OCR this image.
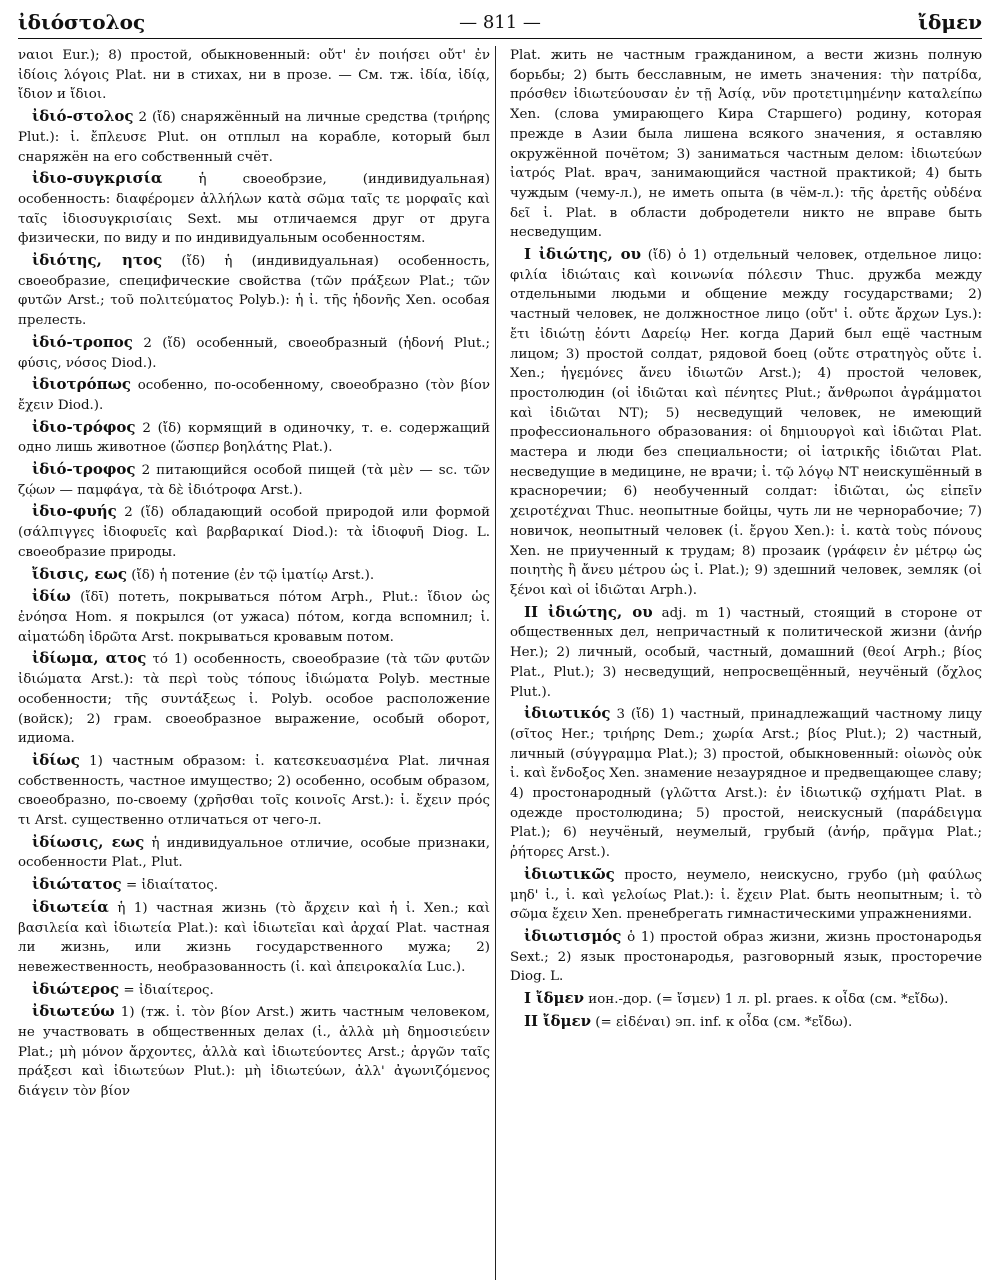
ἰδιόστολος	— 811 —	ἴδμεν

ναιοι Eur.); 8) простой, обыкновенный: οὔτ' ἐν ποιήσει οὔτ' ἐν ἰδίοις λόγοις Plat. ни в стихах, ни в прозе. — См. тж. ἰδία, ἰδίᾳ, ἴδιον и ἴδιοι.

ἰδιό-στολος 2 (ἴδ) снаряжённый на личные средства (τριήρης Plut.): ἰ. ἔπλευσε Plut. он отплыл на корабле, который был снаряжён на его собственный счёт.

ἰδιο-συγκρισία	ἡ своеобрзие, (индивидуальная) особенность: διαφέρομεν ἀλλήλων κατὰ σῶμα ταῖς τε μορφαῖς καὶ ταῖς ἰδιοσυγκρισίαις Sext. мы отличаемся друг от друга физически, по виду и по индивидуальным особенностям.

ἰδιότης, ητος (ἴδ) ἡ (индивидуальная) особенность, своеобразие, специфические свойства (τῶν πράξεων Plat.; τῶν φυτῶν Arst.; τοῦ πολιτεύματος Polyb.): ἡ ἰ. τῆς ἡδονῆς Xen. особая прелесть.

ἰδιό-τροπος 2 (ἴδ) особенный, своеобразный (ἡδονή Plut.; φύσις, νόσος Diod.).

ἰδιοτρόπως особенно, по-особенному, своеобразно (τὸν βίον ἔχειν Diod.).

ἰδιο-τρόφος 2 (ἴδ) кормящий в одиночку, т. е. содержащий одно лишь животное (ὥσπερ βοηλάτης Plat.).

ἰδιό-τροφος 2 питающийся особой пищей (τὰ μὲν — sc. τῶν ζῴων — παμφάγα, τὰ δὲ ἰδιότροφα Arst.).

ἰδιο-φυής 2 (ἴδ) обладающий особой природой или формой (σάλπιγγες ἰδιοφυεῖς καὶ βαρβαρικαί Diod.): τὰ ἰδιοφυῆ Diog. L. своеобразие природы.

ἴδισις, εως (ἴδ) ἡ потение (ἐν τῷ ἱματίῳ Arst.).

ἰδίω (ἴδῑ) потеть, покрываться пóтом Arph., Plut.: ἴδιον ὡς ἐνόησα Hom. я покрылся (от ужаса) пóтом, когда вспомнил; ἰ. αἱματώδη ἱδρῶτα Arst. покрываться кровавым потом.

ἰδίωμα, ατος τό 1) особенность, своеобразие (τὰ τῶν φυτῶν ἰδιώματα Arst.): τὰ περὶ τοὺς τόπους ἰδιώματα Polyb. местные особенности; τῆς συντάξεως ἰ. Polyb. особое расположение (войск); 2) грам. своеобразное выражение, особый оборот, идиома.

ἰδίως 1) частным образом: ἰ. κατεσκευασμένα Plat. личная собственность, частное имущество; 2) особенно, особым образом, своеобразно, по-своему (χρῆσθαι τοῖς κοινοῖς Arst.): ἰ. ἔχειν πρός τι Arst. существенно отличаться от чего-л.

ἰδίωσις, εως ἡ индивидуальное отличие, особые признаки, особенности Plat., Plut.

ἰδιώτατος = ἰδιαίτατος.

ἰδιωτεία ἡ 1) частная жизнь (τὸ ἄρχειν καὶ ἡ ἰ. Xen.; καὶ βασιλεία καὶ ἰδιωτεία Plat.): καὶ ἰδιωτεῖαι καὶ ἀρχαί Plat. частная ли жизнь, или жизнь государственного мужа; 2) невежественность, необразованность (ἰ. καὶ ἀπειροκαλία Luc.).

ἰδιώτερος = ἰδιαίτερος.

ἰδιωτεύω 1) (тж. ἰ. τὸν βίον Arst.) жить частным человеком, не участвовать в общественных делах (ἰ., ἀλλὰ μὴ δημοσιεύειν Plat.; μὴ μόνον ἄρχοντες, ἀλλὰ καὶ ἰδιωτεύοντες Arst.; ἀργῶν ταῖς πράξεσι καὶ ἰδιωτεύων Plut.): μὴ ἰδιωτεύων, ἀλλ' ἀγωνιζόμενος διάγειν τὸν βίον

Plat. жить не частным гражданином, а вести жизнь полную борьбы; 2) быть бесславным, не иметь значения: τὴν πατρίδα, πρόσθεν ἰδιωτεύουσαν ἐν τῇ Ἀσίᾳ, νῦν προτετιμημένην καταλείπω Xen. (слова умирающего Кира Старшего) родину, которая прежде в Азии была лишена всякого значения, я оставляю окружённой почётом; 3) заниматься частным делом: ἰδιωτεύων ἰατρός Plat. врач, занимающийся частной практикой; 4) быть чуждым (чему-л.), не иметь опыта (в чём-л.): τῆς ἀρετῆς οὐδένα δεῖ ἰ. Plat. в области добродетели никто не вправе быть несведущим.

I ἰδιώτης, ου (ἴδ) ὁ 1) отдельный человек, отдельное лицо: φιλία ἰδιώταις καὶ κοινωνία πόλεσιν Thuc. дружба между отдельными людьми и общение между государствами; 2) частный человек, не должностное лицо (οὔτ' ἰ. οὔτε ἄρχων Lys.): ἔτι ἰδιώτῃ ἐόντι Δαρείῳ Her. когда Дарий был ещё частным лицом; 3) простой солдат, рядовой боец (οὔτε στρατηγὸς οὔτε ἰ. Xen.; ἡγεμόνες ἄνευ ἰδιωτῶν Arst.); 4) простой человек, простолюдин (οἱ ἰδιῶται καὶ πένητες Plut.; ἄνθρωποι ἀγράμματοι καὶ ἰδιῶται NT); 5) несведущий человек, не имеющий профессионального образования: οἱ δημιουργοὶ καὶ ἰδιῶται Plat. мастера и люди без специальности; οἱ ἰατρικῆς ἰδιῶται Plat. несведущие в медицине, не врачи; ἰ. τῷ λόγῳ NT неискушённый в красноречии; 6) необученный солдат: ἰδιῶται, ὡς εἰπεῖν χειροτέχναι Thuc. неопытные бойцы, чуть ли не чернорабочие; 7) новичок, неопытный человек (ἰ. ἔργου Xen.): ἰ. κατὰ τοὺς πόνους Xen. не приученный к трудам; 8) прозаик (γράφειν ἐν μέτρῳ ὡς ποιητὴς ἢ ἄνευ μέτρου ὡς ἰ. Plat.); 9) здешний человек, земляк (οἱ ξένοι καὶ οἱ ἰδιῶται Arph.).

II ἰδιώτης, ου adj. m 1) частный, стоящий в стороне от общественных дел, непричастный к политической жизни (ἀνήρ Her.); 2) личный, особый, частный, домашний (θεοί Arph.; βίος Plat., Plut.); 3) несведущий, непросвещённый, неучёный (ὄχλος Plut.).

ἰδιωτικός 3 (ἴδ) 1) частный, принадлежащий частному лицу (σῖτος Her.; τριήρης Dem.; χωρία Arst.; βίος Plut.); 2) частный, личный (σύγγραμμα Plat.); 3) простой, обыкновенный: οἰωνὸς οὐκ ἰ. καὶ ἔνδοξος Xen. знамение незаурядное и предвещающее славу; 4) простонародный (γλῶττα Arst.): ἐν ἰδιωτικῷ σχήματι Plat. в одежде простолюдина; 5) простой, неискусный (παράδειγμα Plat.); 6) неучёный, неумелый, грубый (ἀνήρ, πρᾶγμα Plat.; ῥήτορες Arst.).

ἰδιωτικῶς просто, неумело, неискусно, грубо (μὴ φαύλως μηδ' ἰ., ἰ. καὶ γελοίως Plat.): ἰ. ἔχειν Plat. быть неопытным; ἰ. τὸ σῶμα ἔχειν Xen. пренебрегать гимнастическими упражнениями.

ἰδιωτισμός ὁ 1) простой образ жизни, жизнь простонародья Sext.; 2) язык простонародья, разговорный язык, просторечие Diog. L.

I ἴδμεν ион.-дор. (= ἴσμεν) 1 л. pl. praes. к οἶδα (см. *εἴδω).

II ἴδμεν (= εἰδέναι) эп. inf. к οἶδα (см. *εἴδω).
